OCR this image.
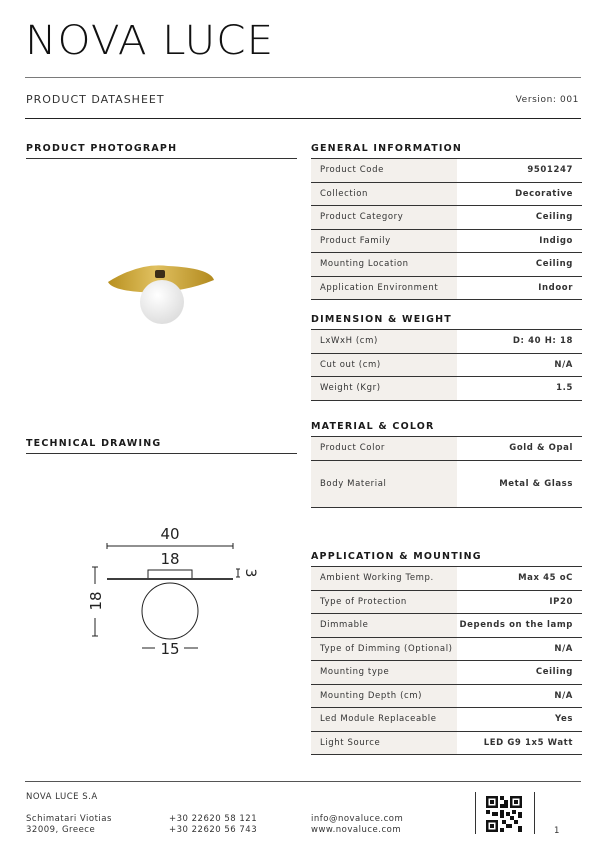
NOVA LUCE
PRODUCT DATASHEET	Version: 001
PRODUCT PHOTOGRAPH
TECHNICAL DRAWING
40
18
15
18
3
GENERAL INFORMATION
Product Code	9501247
Collection	Decorative
Product Category	Ceiling
Product Family	Indigo
Mounting Location	Ceiling
Application Environment	Indoor
DIMENSION & WEIGHT
LxWxH (cm)	D: 40 H: 18
Cut out (cm)	N/A
Weight (Kgr)	1.5
MATERIAL & COLOR
Product Color	Gold & Opal
Body Material	Metal & Glass
APPLICATION & MOUNTING
Ambient Working Temp.	Max 45 oC
Type of Protection	IP20
Dimmable	Depends on the lamp
Type of Dimming (Optional)	N/A
Mounting type	Ceiling
Mounting Depth (cm)	N/A
Led Module Replaceable	Yes
Light Source	LED G9 1x5 Watt
NOVA LUCE S.A
Schimatari Viotias
32009, Greece
+30 22620 58 121
+30 22620 56 743
info@novaluce.com
www.novaluce.com	1
